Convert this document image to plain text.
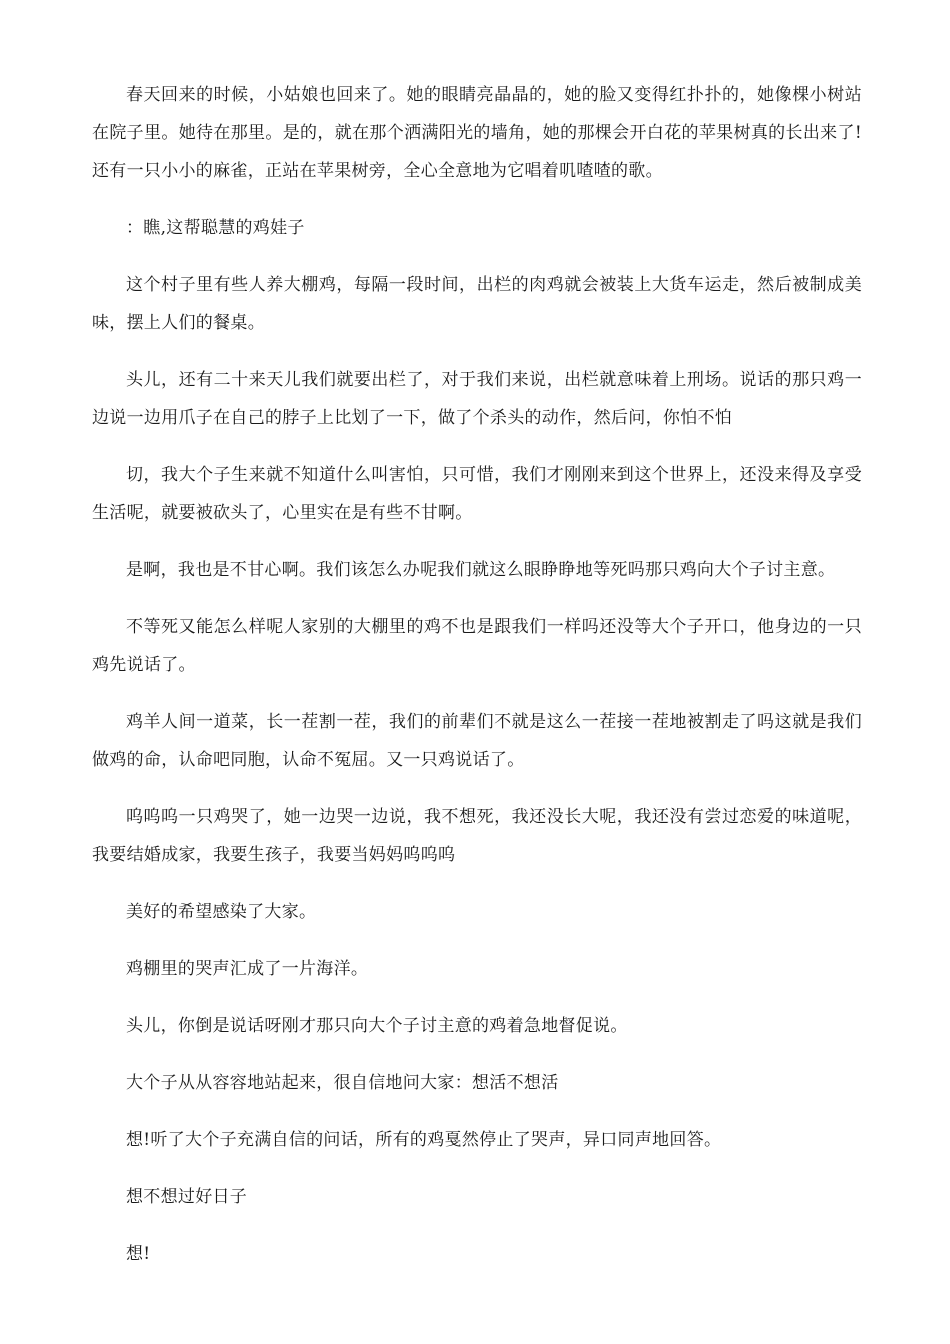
春天回来的时候，小姑娘也回来了。她的眼睛亮晶晶的，她的脸又变得红扑扑的，她像棵小树站在院子里。她待在那里。是的，就在那个洒满阳光的墙角，她的那棵会开白花的苹果树真的长出来了!还有一只小小的麻雀，正站在苹果树旁，全心全意地为它唱着叽喳喳的歌。

：瞧,这帮聪慧的鸡娃子

这个村子里有些人养大棚鸡，每隔一段时间，出栏的肉鸡就会被装上大货车运走，然后被制成美味，摆上人们的餐桌。

头儿，还有二十来天儿我们就要出栏了，对于我们来说，出栏就意味着上刑场。说话的那只鸡一边说一边用爪子在自己的脖子上比划了一下，做了个杀头的动作，然后问，你怕不怕

切，我大个子生来就不知道什么叫害怕，只可惜，我们才刚刚来到这个世界上，还没来得及享受生活呢，就要被砍头了，心里实在是有些不甘啊。

是啊，我也是不甘心啊。我们该怎么办呢我们就这么眼睁睁地等死吗那只鸡向大个子讨主意。

不等死又能怎么样呢人家别的大棚里的鸡不也是跟我们一样吗还没等大个子开口，他身边的一只鸡先说话了。

鸡羊人间一道菜，长一茬割一茬，我们的前辈们不就是这么一茬接一茬地被割走了吗这就是我们做鸡的命，认命吧同胞，认命不冤屈。又一只鸡说话了。

呜呜呜一只鸡哭了，她一边哭一边说，我不想死，我还没长大呢，我还没有尝过恋爱的味道呢，我要结婚成家，我要生孩子，我要当妈妈呜呜呜

美好的希望感染了大家。

鸡棚里的哭声汇成了一片海洋。

头儿，你倒是说话呀刚才那只向大个子讨主意的鸡着急地督促说。

大个子从从容容地站起来，很自信地问大家：想活不想活

想!听了大个子充满自信的问话，所有的鸡戛然停止了哭声，异口同声地回答。

想不想过好日子

想!
